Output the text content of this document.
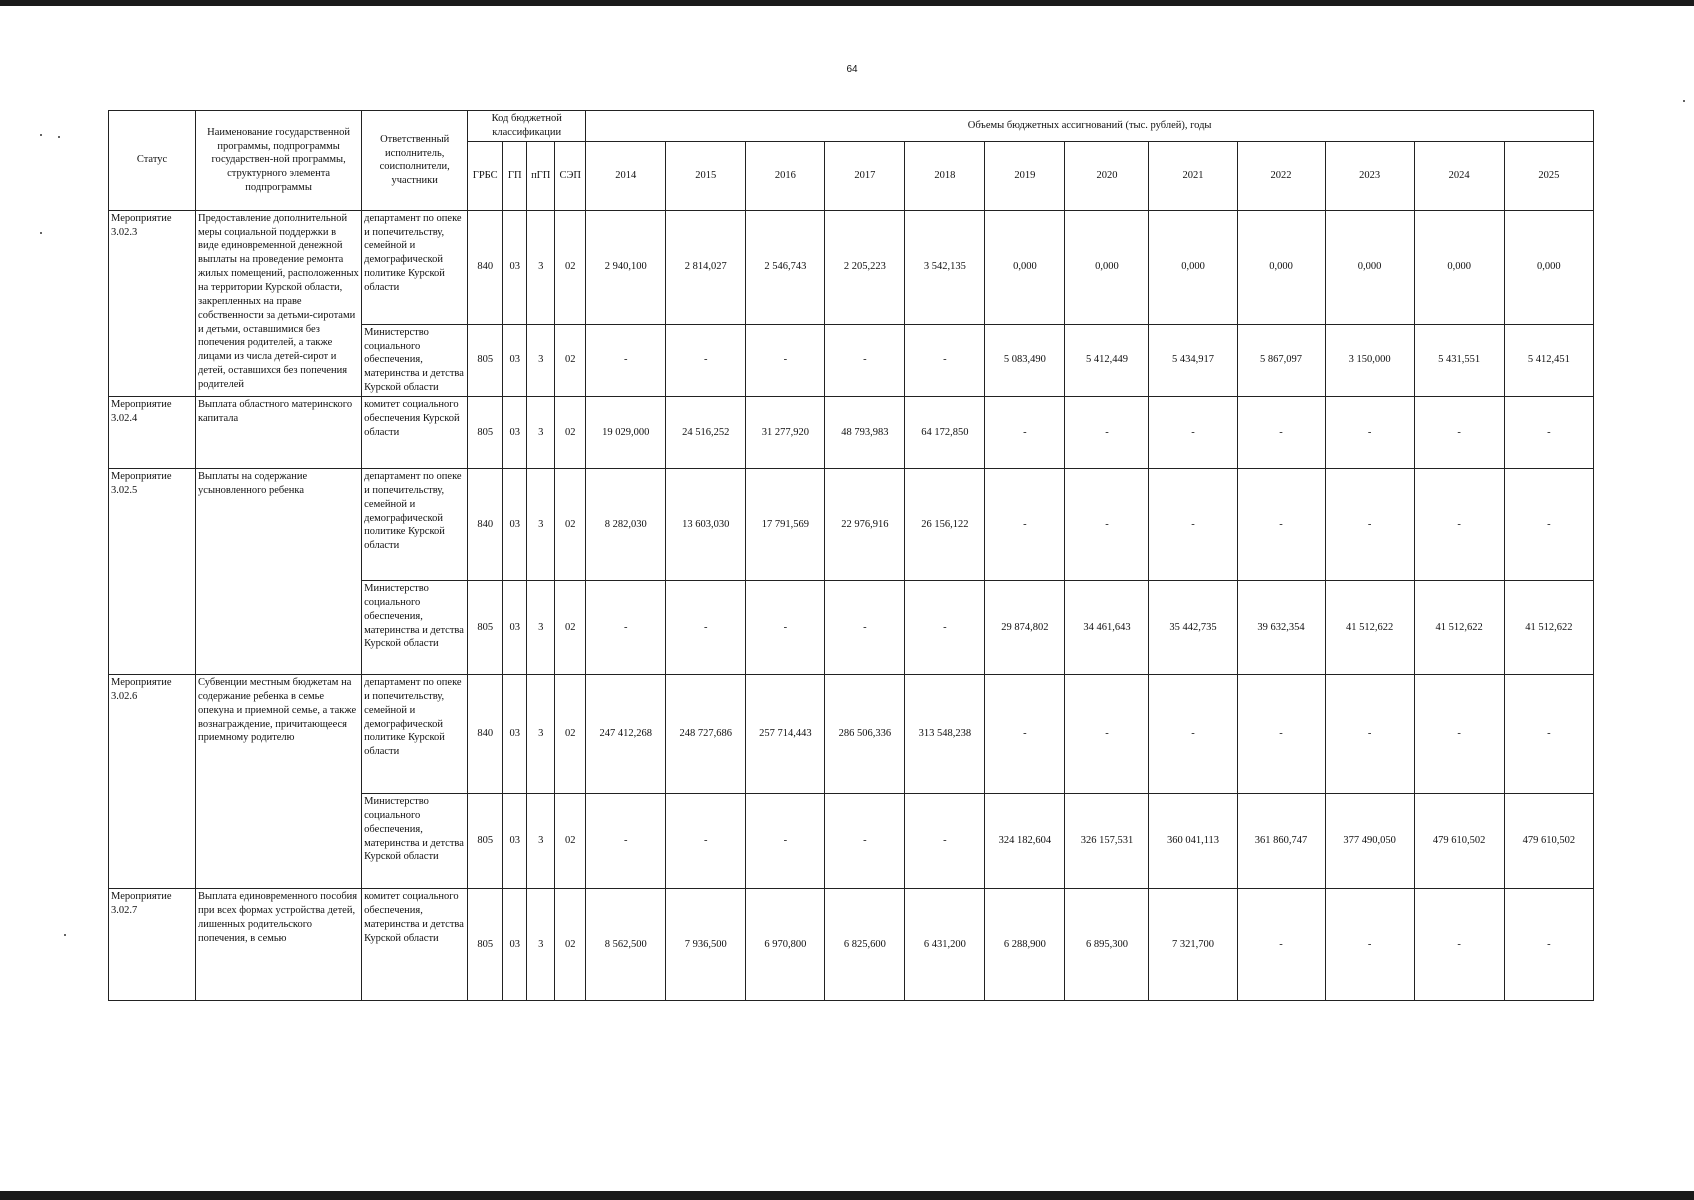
64
Статус	Наименование государственной программы, подпрограммы государствен-ной программы, структурного элемента подпрограммы	Ответственный исполнитель, соисполнители, участники	Код бюджетной классификации				Объемы бюджетных ассигнований (тыс. рублей), годы											
			ГРБС	ГП	пГП	СЭП	2014	2015	2016	2017	2018	2019	2020	2021	2022	2023	2024	2025
Мероприятие 3.02.3	Предоставление дополнительной меры социальной поддержки в виде единовременной денежной выплаты на проведение ремонта жилых помещений, расположенных на территории Курской области, закрепленных на праве собственности за детьми-сиротами и детьми, оставшимися без попечения родителей, а также лицами из числа детей-сирот и детей, оставшихся без попечения родителей	департамент по опеке и попечительству, семейной и демографической политике Курской области	840	03	3	02	2 940,100	2 814,027	2 546,743	2 205,223	3 542,135	0,000	0,000	0,000	0,000	0,000	0,000	0,000
		Министерство социального обеспечения, материнства и детства Курской области	805	03	3	02	-	-	-	-	-	5 083,490	5 412,449	5 434,917	5 867,097	3 150,000	5 431,551	5 412,451
Мероприятие 3.02.4	Выплата областного материнского капитала	комитет социального обеспечения Курской области	805	03	3	02	19 029,000	24 516,252	31 277,920	48 793,983	64 172,850	-	-	-	-	-	-	-
Мероприятие 3.02.5	Выплаты на содержание усыновленного ребенка	департамент по опеке и попечительству, семейной и демографической политике Курской области	840	03	3	02	8 282,030	13 603,030	17 791,569	22 976,916	26 156,122	-	-	-	-	-	-	-
		Министерство социального обеспечения, материнства и детства Курской области	805	03	3	02	-	-	-	-	-	29 874,802	34 461,643	35 442,735	39 632,354	41 512,622	41 512,622	41 512,622
Мероприятие 3.02.6	Субвенции местным бюджетам на содержание ребенка в семье опекуна и приемной семье, а также вознаграждение, причитающееся приемному родителю	департамент по опеке и попечительству, семейной и демографической политике Курской области	840	03	3	02	247 412,268	248 727,686	257 714,443	286 506,336	313 548,238	-	-	-	-	-	-	-
		Министерство социального обеспечения, материнства и детства Курской области	805	03	3	02	-	-	-	-	-	324 182,604	326 157,531	360 041,113	361 860,747	377 490,050	479 610,502	479 610,502
Мероприятие 3.02.7	Выплата единовременного пособия при всех формах устройства детей, лишенных родительского попечения, в семью	комитет социального обеспечения, материнства и детства Курской области	805	03	3	02	8 562,500	7 936,500	6 970,800	6 825,600	6 431,200	6 288,900	6 895,300	7 321,700	-	-	-	-
